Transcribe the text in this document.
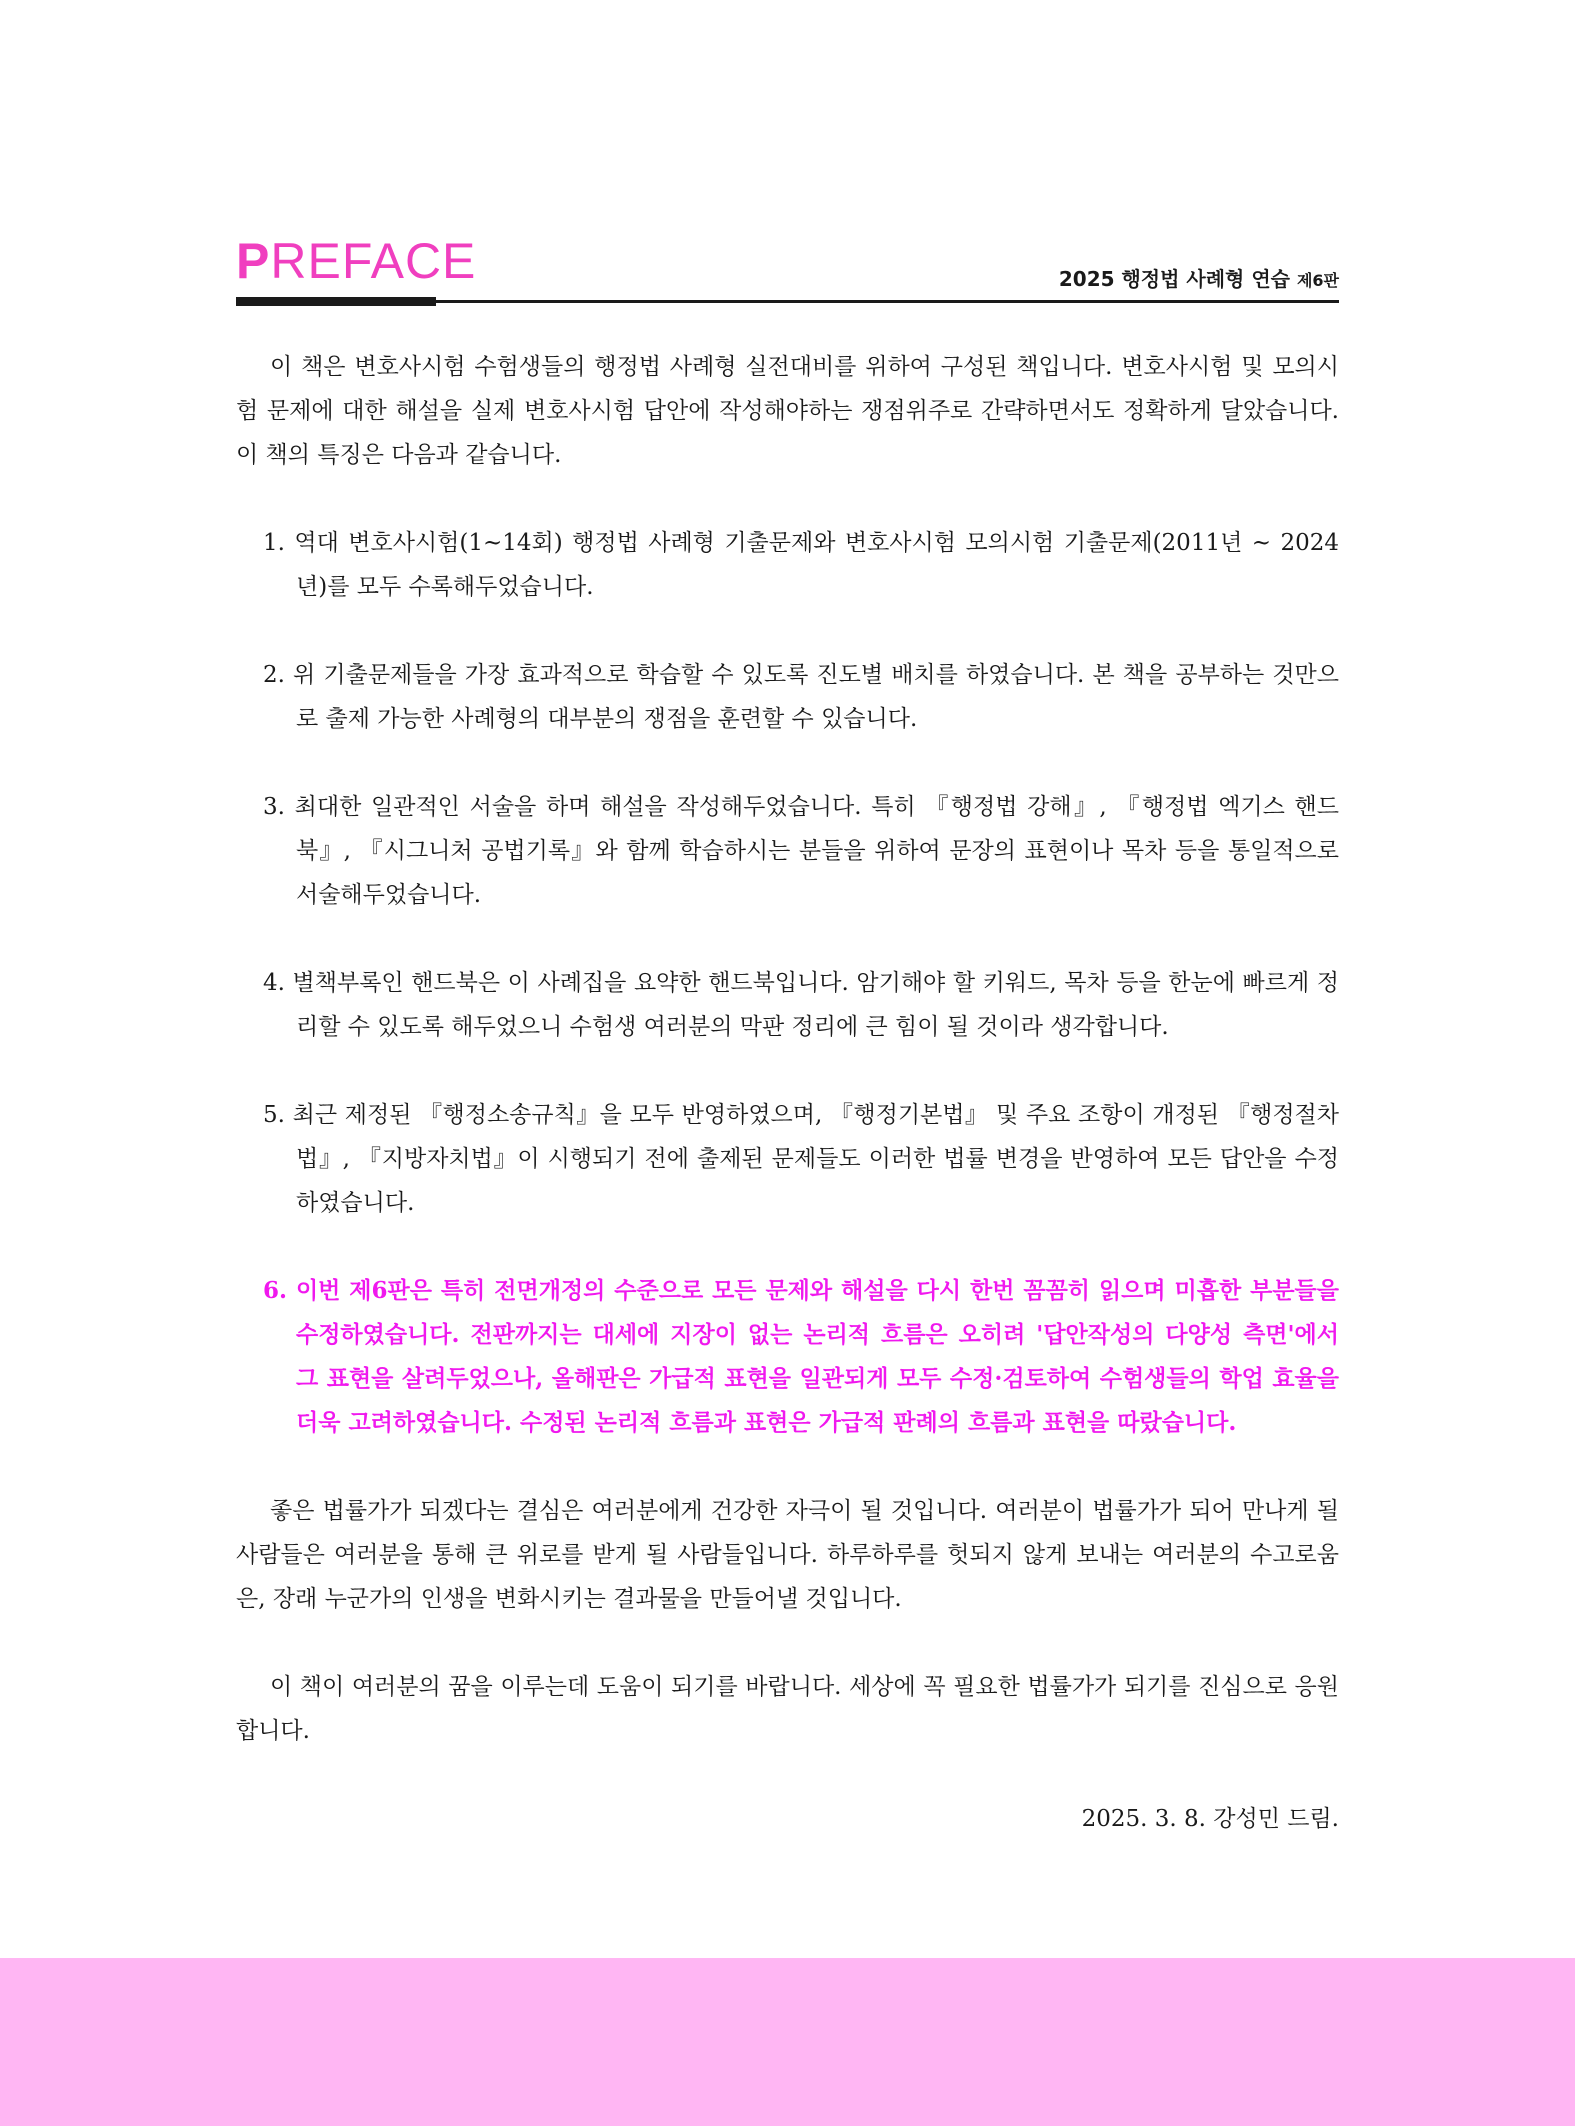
PREFACE	2025 행정법 사례형 연습 제6판

이 책은 변호사시험 수험생들의 행정법 사례형 실전대비를 위하여 구성된 책입니다. 변호사시험 및 모의시험 문제에 대한 해설을 실제 변호사시험 답안에 작성해야하는 쟁점위주로 간략하면서도 정확하게 달았습니다. 이 책의 특징은 다음과 같습니다.

1. 역대 변호사시험(1~14회) 행정법 사례형 기출문제와 변호사시험 모의시험 기출문제(2011년 ~ 2024년)를 모두 수록해두었습니다.

2. 위 기출문제들을 가장 효과적으로 학습할 수 있도록 진도별 배치를 하였습니다. 본 책을 공부하는 것만으로 출제 가능한 사례형의 대부분의 쟁점을 훈련할 수 있습니다.

3. 최대한 일관적인 서술을 하며 해설을 작성해두었습니다. 특히 『행정법 강해』, 『행정법 엑기스 핸드북』, 『시그니처 공법기록』와 함께 학습하시는 분들을 위하여 문장의 표현이나 목차 등을 통일적으로 서술해두었습니다.

4. 별책부록인 핸드북은 이 사례집을 요약한 핸드북입니다. 암기해야 할 키워드, 목차 등을 한눈에 빠르게 정리할 수 있도록 해두었으니 수험생 여러분의 막판 정리에 큰 힘이 될 것이라 생각합니다.

5. 최근 제정된 『행정소송규칙』을 모두 반영하였으며, 『행정기본법』 및 주요 조항이 개정된 『행정절차법』, 『지방자치법』이 시행되기 전에 출제된 문제들도 이러한 법률 변경을 반영하여 모든 답안을 수정하였습니다.

6. 이번 제6판은 특히 전면개정의 수준으로 모든 문제와 해설을 다시 한번 꼼꼼히 읽으며 미흡한 부분들을 수정하였습니다. 전판까지는 대세에 지장이 없는 논리적 흐름은 오히려 '답안작성의 다양성 측면'에서 그 표현을 살려두었으나, 올해판은 가급적 표현을 일관되게 모두 수정·검토하여 수험생들의 학업 효율을 더욱 고려하였습니다. 수정된 논리적 흐름과 표현은 가급적 판례의 흐름과 표현을 따랐습니다.

좋은 법률가가 되겠다는 결심은 여러분에게 건강한 자극이 될 것입니다. 여러분이 법률가가 되어 만나게 될 사람들은 여러분을 통해 큰 위로를 받게 될 사람들입니다. 하루하루를 헛되지 않게 보내는 여러분의 수고로움은, 장래 누군가의 인생을 변화시키는 결과물을 만들어낼 것입니다.

이 책이 여러분의 꿈을 이루는데 도움이 되기를 바랍니다. 세상에 꼭 필요한 법률가가 되기를 진심으로 응원합니다.

2025. 3. 8. 강성민 드림.
